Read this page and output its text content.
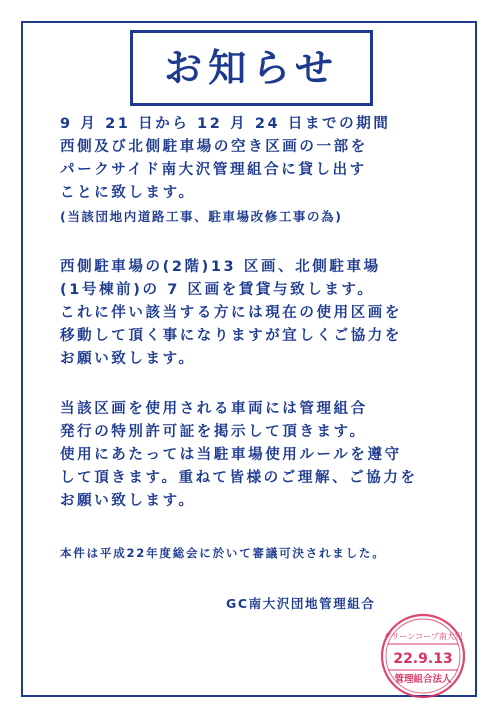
お知らせ
9 月 21 日から 12 月 24 日までの期間
西側及び北側駐車場の空き区画の一部を
パークサイド南大沢管理組合に貸し出す
ことに致します。
(当該団地内道路工事、駐車場改修工事の為)
西側駐車場の(2階)13 区画、北側駐車場
(1号棟前)の 7 区画を賃貸与致します。
これに伴い該当する方には現在の使用区画を
移動して頂く事になりますが宜しくご協力を
お願い致します。
当該区画を使用される車両には管理組合
発行の特別許可証を掲示して頂きます。
使用にあたっては当駐車場使用ルールを遵守
して頂きます。重ねて皆様のご理解、ご協力を
お願い致します。
本件は平成22年度総会に於いて審議可決されました。
GC南大沢団地管理組合
グリーンコープ南大沢
22.9.13
管理組合法人
